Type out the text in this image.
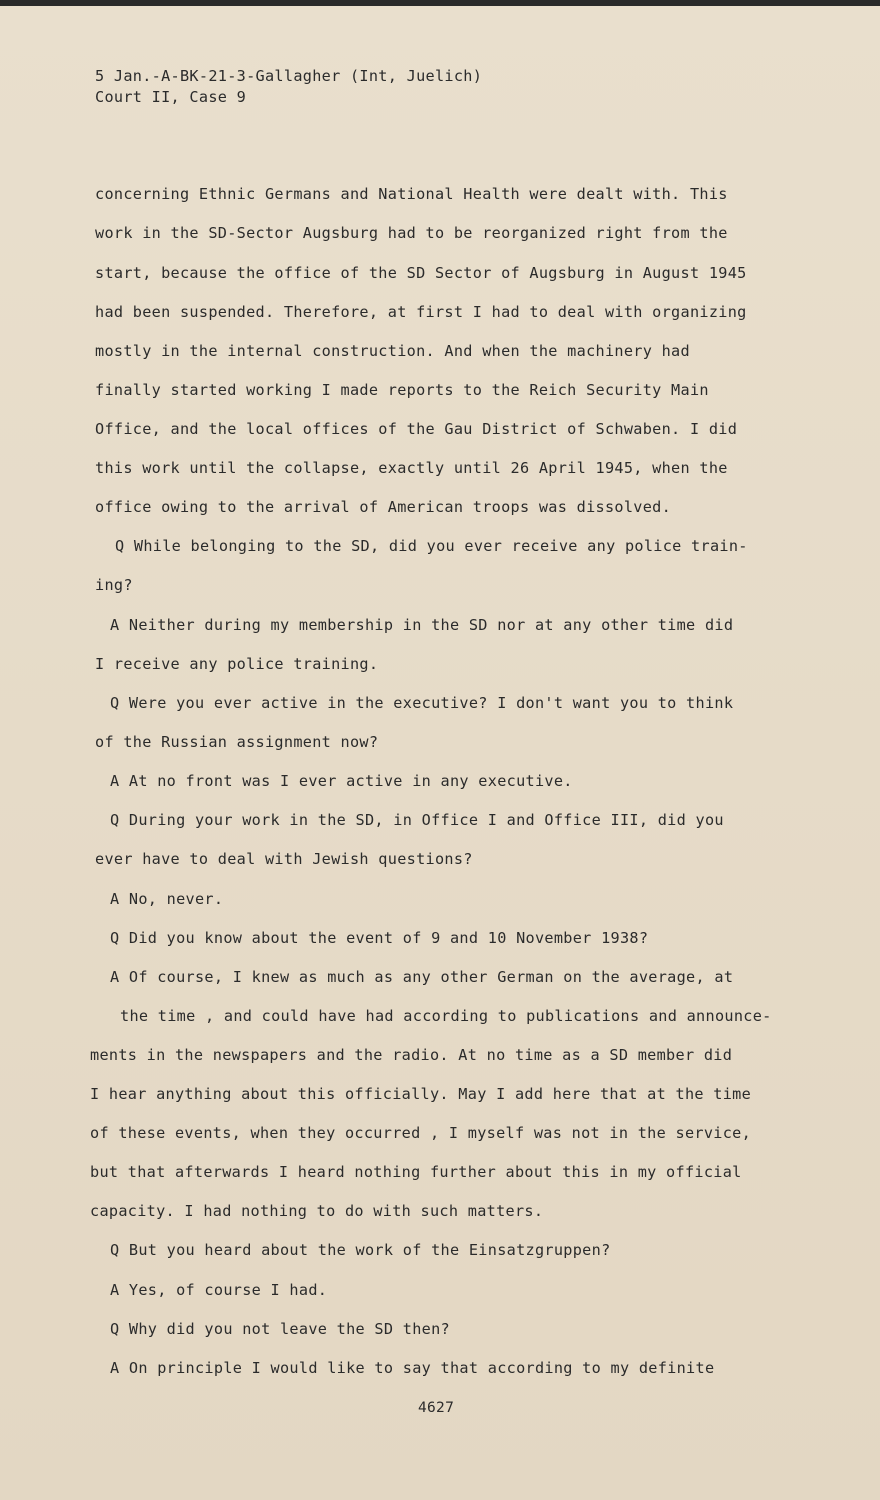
5 Jan.-A-BK-21-3-Gallagher (Int, Juelich)
Court II, Case 9
concerning Ethnic Germans and National Health were dealt with. This
work in the SD-Sector Augsburg had to be reorganized right from the
start, because the office of the SD Sector of Augsburg in August 1945
had been suspended. Therefore, at first I had to deal with organizing
mostly in the internal construction. And when the machinery had
finally started working I made reports to the Reich Security Main
Office, and the local offices of the Gau District of Schwaben. I did
this work until the collapse, exactly until 26 April 1945, when the
office owing to the arrival of American troops was dissolved.
Q While belonging to the SD, did you ever receive any police train-
ing?
A Neither during my membership in the SD nor at any other time did
I receive any police training.
Q Were you ever active in the executive? I don't want you to think
of the Russian assignment now?
A At no front was I ever active in any executive.
Q During your work in the SD, in Office I and Office III, did you
ever have to deal with Jewish questions?
A No, never.
Q Did you know about the event of 9 and 10 November 1938?
A Of course, I knew as much as any other German on the average, at
the time , and could have had according to publications and announce-
ments in the newspapers and the radio. At no time as a SD member did
I hear anything about this officially. May I add here that at the time
of these events, when they occurred , I myself was not in the service,
but that afterwards I heard nothing further about this in my official
capacity. I had nothing to do with such matters.
Q But you heard about the work of the Einsatzgruppen?
A Yes, of course I had.
Q Why did you not leave the SD then?
A On principle I would like to say that according to my definite
4627
